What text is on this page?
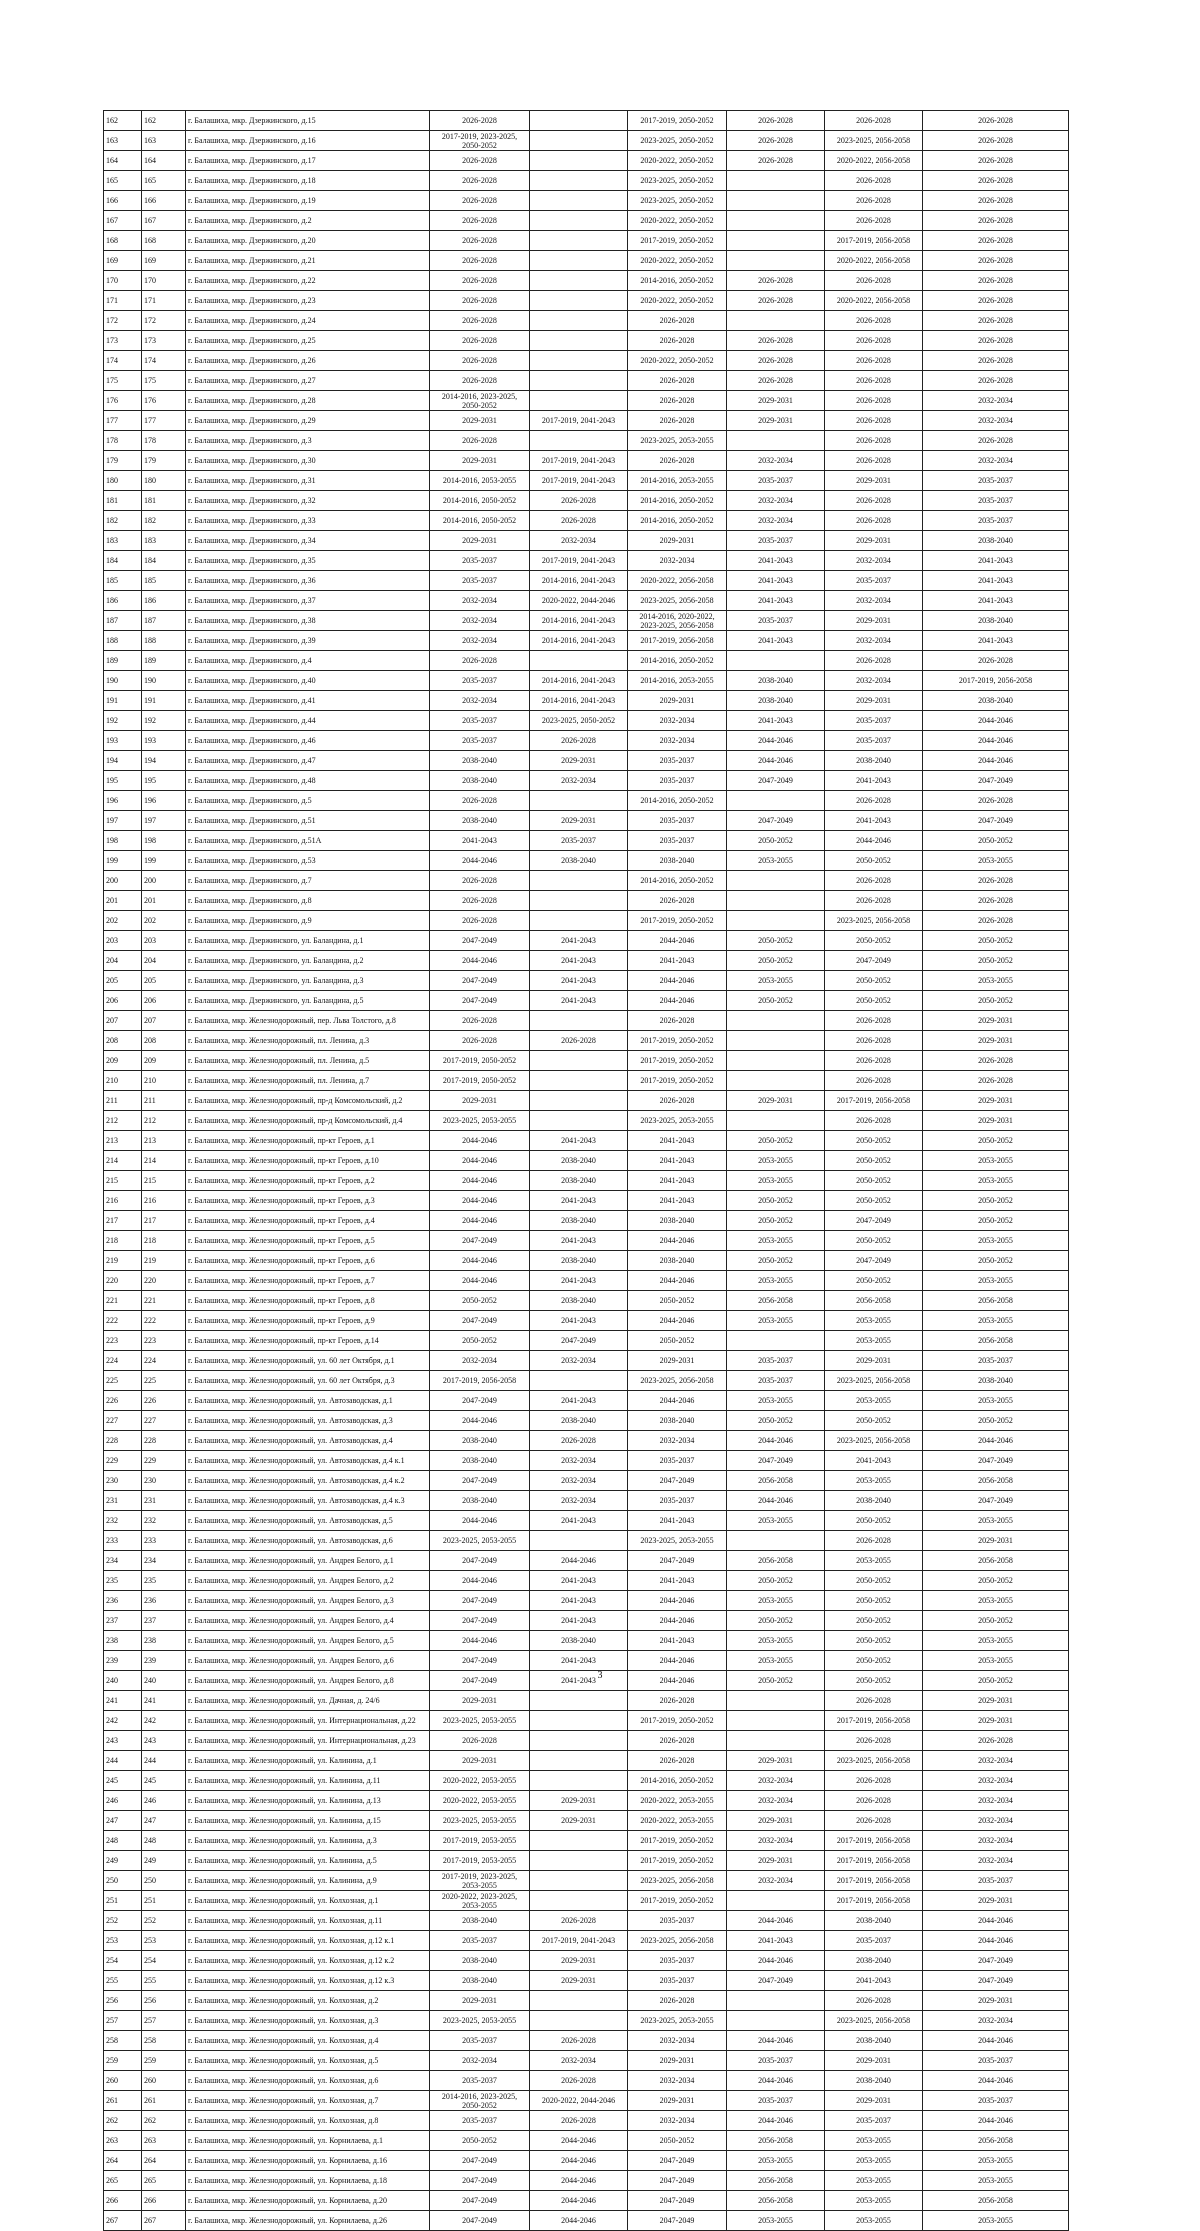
162	162	г. Балашиха, мкр. Дзержинского, д.15	2026-2028		2017-2019, 2050-2052	2026-2028	2026-2028	2026-2028
163	163	г. Балашиха, мкр. Дзержинского, д.16	2017-2019, 2023-2025, 2050-2052		2023-2025, 2050-2052	2026-2028	2023-2025, 2056-2058	2026-2028
164	164	г. Балашиха, мкр. Дзержинского, д.17	2026-2028		2020-2022, 2050-2052	2026-2028	2020-2022, 2056-2058	2026-2028
165	165	г. Балашиха, мкр. Дзержинского, д.18	2026-2028		2023-2025, 2050-2052		2026-2028	2026-2028
166	166	г. Балашиха, мкр. Дзержинского, д.19	2026-2028		2023-2025, 2050-2052		2026-2028	2026-2028
167	167	г. Балашиха, мкр. Дзержинского, д.2	2026-2028		2020-2022, 2050-2052		2026-2028	2026-2028
168	168	г. Балашиха, мкр. Дзержинского, д.20	2026-2028		2017-2019, 2050-2052		2017-2019, 2056-2058	2026-2028
169	169	г. Балашиха, мкр. Дзержинского, д.21	2026-2028		2020-2022, 2050-2052		2020-2022, 2056-2058	2026-2028
170	170	г. Балашиха, мкр. Дзержинского, д.22	2026-2028		2014-2016, 2050-2052	2026-2028	2026-2028	2026-2028
171	171	г. Балашиха, мкр. Дзержинского, д.23	2026-2028		2020-2022, 2050-2052	2026-2028	2020-2022, 2056-2058	2026-2028
172	172	г. Балашиха, мкр. Дзержинского, д.24	2026-2028		2026-2028		2026-2028	2026-2028
173	173	г. Балашиха, мкр. Дзержинского, д.25	2026-2028		2026-2028	2026-2028	2026-2028	2026-2028
174	174	г. Балашиха, мкр. Дзержинского, д.26	2026-2028		2020-2022, 2050-2052	2026-2028	2026-2028	2026-2028
175	175	г. Балашиха, мкр. Дзержинского, д.27	2026-2028		2026-2028	2026-2028	2026-2028	2026-2028
176	176	г. Балашиха, мкр. Дзержинского, д.28	2014-2016, 2023-2025, 2050-2052		2026-2028	2029-2031	2026-2028	2032-2034
177	177	г. Балашиха, мкр. Дзержинского, д.29	2029-2031	2017-2019, 2041-2043	2026-2028	2029-2031	2026-2028	2032-2034
178	178	г. Балашиха, мкр. Дзержинского, д.3	2026-2028		2023-2025, 2053-2055		2026-2028	2026-2028
179	179	г. Балашиха, мкр. Дзержинского, д.30	2029-2031	2017-2019, 2041-2043	2026-2028	2032-2034	2026-2028	2032-2034
180	180	г. Балашиха, мкр. Дзержинского, д.31	2014-2016, 2053-2055	2017-2019, 2041-2043	2014-2016, 2053-2055	2035-2037	2029-2031	2035-2037
181	181	г. Балашиха, мкр. Дзержинского, д.32	2014-2016, 2050-2052	2026-2028	2014-2016, 2050-2052	2032-2034	2026-2028	2035-2037
182	182	г. Балашиха, мкр. Дзержинского, д.33	2014-2016, 2050-2052	2026-2028	2014-2016, 2050-2052	2032-2034	2026-2028	2035-2037
183	183	г. Балашиха, мкр. Дзержинского, д.34	2029-2031	2032-2034	2029-2031	2035-2037	2029-2031	2038-2040
184	184	г. Балашиха, мкр. Дзержинского, д.35	2035-2037	2017-2019, 2041-2043	2032-2034	2041-2043	2032-2034	2041-2043
185	185	г. Балашиха, мкр. Дзержинского, д.36	2035-2037	2014-2016, 2041-2043	2020-2022, 2056-2058	2041-2043	2035-2037	2041-2043
186	186	г. Балашиха, мкр. Дзержинского, д.37	2032-2034	2020-2022, 2044-2046	2023-2025, 2056-2058	2041-2043	2032-2034	2041-2043
187	187	г. Балашиха, мкр. Дзержинского, д.38	2032-2034	2014-2016, 2041-2043	2014-2016, 2020-2022, 2023-2025, 2056-2058	2035-2037	2029-2031	2038-2040
188	188	г. Балашиха, мкр. Дзержинского, д.39	2032-2034	2014-2016, 2041-2043	2017-2019, 2056-2058	2041-2043	2032-2034	2041-2043
189	189	г. Балашиха, мкр. Дзержинского, д.4	2026-2028		2014-2016, 2050-2052		2026-2028	2026-2028
190	190	г. Балашиха, мкр. Дзержинского, д.40	2035-2037	2014-2016, 2041-2043	2014-2016, 2053-2055	2038-2040	2032-2034	2017-2019, 2056-2058
191	191	г. Балашиха, мкр. Дзержинского, д.41	2032-2034	2014-2016, 2041-2043	2029-2031	2038-2040	2029-2031	2038-2040
192	192	г. Балашиха, мкр. Дзержинского, д.44	2035-2037	2023-2025, 2050-2052	2032-2034	2041-2043	2035-2037	2044-2046
193	193	г. Балашиха, мкр. Дзержинского, д.46	2035-2037	2026-2028	2032-2034	2044-2046	2035-2037	2044-2046
194	194	г. Балашиха, мкр. Дзержинского, д.47	2038-2040	2029-2031	2035-2037	2044-2046	2038-2040	2044-2046
195	195	г. Балашиха, мкр. Дзержинского, д.48	2038-2040	2032-2034	2035-2037	2047-2049	2041-2043	2047-2049
196	196	г. Балашиха, мкр. Дзержинского, д.5	2026-2028		2014-2016, 2050-2052		2026-2028	2026-2028
197	197	г. Балашиха, мкр. Дзержинского, д.51	2038-2040	2029-2031	2035-2037	2047-2049	2041-2043	2047-2049
198	198	г. Балашиха, мкр. Дзержинского, д.51А	2041-2043	2035-2037	2035-2037	2050-2052	2044-2046	2050-2052
199	199	г. Балашиха, мкр. Дзержинского, д.53	2044-2046	2038-2040	2038-2040	2053-2055	2050-2052	2053-2055
200	200	г. Балашиха, мкр. Дзержинского, д.7	2026-2028		2014-2016, 2050-2052		2026-2028	2026-2028
201	201	г. Балашиха, мкр. Дзержинского, д.8	2026-2028		2026-2028		2026-2028	2026-2028
202	202	г. Балашиха, мкр. Дзержинского, д.9	2026-2028		2017-2019, 2050-2052		2023-2025, 2056-2058	2026-2028
203	203	г. Балашиха, мкр. Дзержинского, ул. Баландина, д.1	2047-2049	2041-2043	2044-2046	2050-2052	2050-2052	2050-2052
204	204	г. Балашиха, мкр. Дзержинского, ул. Баландина, д.2	2044-2046	2041-2043	2041-2043	2050-2052	2047-2049	2050-2052
205	205	г. Балашиха, мкр. Дзержинского, ул. Баландина, д.3	2047-2049	2041-2043	2044-2046	2053-2055	2050-2052	2053-2055
206	206	г. Балашиха, мкр. Дзержинского, ул. Баландина, д.5	2047-2049	2041-2043	2044-2046	2050-2052	2050-2052	2050-2052
207	207	г. Балашиха, мкр. Железнодорожный, пер. Льва Толстого, д.8	2026-2028		2026-2028		2026-2028	2029-2031
208	208	г. Балашиха, мкр. Железнодорожный, пл. Ленина, д.3	2026-2028	2026-2028	2017-2019, 2050-2052		2026-2028	2029-2031
209	209	г. Балашиха, мкр. Железнодорожный, пл. Ленина, д.5	2017-2019, 2050-2052		2017-2019, 2050-2052		2026-2028	2026-2028
210	210	г. Балашиха, мкр. Железнодорожный, пл. Ленина, д.7	2017-2019, 2050-2052		2017-2019, 2050-2052		2026-2028	2026-2028
211	211	г. Балашиха, мкр. Железнодорожный, пр-д Комсомольский, д.2	2029-2031		2026-2028	2029-2031	2017-2019, 2056-2058	2029-2031
212	212	г. Балашиха, мкр. Железнодорожный, пр-д Комсомольский, д.4	2023-2025, 2053-2055		2023-2025, 2053-2055		2026-2028	2029-2031
213	213	г. Балашиха, мкр. Железнодорожный, пр-кт Героев, д.1	2044-2046	2041-2043	2041-2043	2050-2052	2050-2052	2050-2052
214	214	г. Балашиха, мкр. Железнодорожный, пр-кт Героев, д.10	2044-2046	2038-2040	2041-2043	2053-2055	2050-2052	2053-2055
215	215	г. Балашиха, мкр. Железнодорожный, пр-кт Героев, д.2	2044-2046	2038-2040	2041-2043	2053-2055	2050-2052	2053-2055
216	216	г. Балашиха, мкр. Железнодорожный, пр-кт Героев, д.3	2044-2046	2041-2043	2041-2043	2050-2052	2050-2052	2050-2052
217	217	г. Балашиха, мкр. Железнодорожный, пр-кт Героев, д.4	2044-2046	2038-2040	2038-2040	2050-2052	2047-2049	2050-2052
218	218	г. Балашиха, мкр. Железнодорожный, пр-кт Героев, д.5	2047-2049	2041-2043	2044-2046	2053-2055	2050-2052	2053-2055
219	219	г. Балашиха, мкр. Железнодорожный, пр-кт Героев, д.6	2044-2046	2038-2040	2038-2040	2050-2052	2047-2049	2050-2052
220	220	г. Балашиха, мкр. Железнодорожный, пр-кт Героев, д.7	2044-2046	2041-2043	2044-2046	2053-2055	2050-2052	2053-2055
221	221	г. Балашиха, мкр. Железнодорожный, пр-кт Героев, д.8	2050-2052	2038-2040	2050-2052	2056-2058	2056-2058	2056-2058
222	222	г. Балашиха, мкр. Железнодорожный, пр-кт Героев, д.9	2047-2049	2041-2043	2044-2046	2053-2055	2053-2055	2053-2055
223	223	г. Балашиха, мкр. Железнодорожный, пр-кт Героев, д.14	2050-2052	2047-2049	2050-2052		2053-2055	2056-2058
224	224	г. Балашиха, мкр. Железнодорожный, ул. 60 лет Октября, д.1	2032-2034	2032-2034	2029-2031	2035-2037	2029-2031	2035-2037
225	225	г. Балашиха, мкр. Железнодорожный, ул. 60 лет Октября, д.3	2017-2019, 2056-2058		2023-2025, 2056-2058	2035-2037	2023-2025, 2056-2058	2038-2040
226	226	г. Балашиха, мкр. Железнодорожный, ул. Автозаводская, д.1	2047-2049	2041-2043	2044-2046	2053-2055	2053-2055	2053-2055
227	227	г. Балашиха, мкр. Железнодорожный, ул. Автозаводская, д.3	2044-2046	2038-2040	2038-2040	2050-2052	2050-2052	2050-2052
228	228	г. Балашиха, мкр. Железнодорожный, ул. Автозаводская, д.4	2038-2040	2026-2028	2032-2034	2044-2046	2023-2025, 2056-2058	2044-2046
229	229	г. Балашиха, мкр. Железнодорожный, ул. Автозаводская, д.4 к.1	2038-2040	2032-2034	2035-2037	2047-2049	2041-2043	2047-2049
230	230	г. Балашиха, мкр. Железнодорожный, ул. Автозаводская, д.4 к.2	2047-2049	2032-2034	2047-2049	2056-2058	2053-2055	2056-2058
231	231	г. Балашиха, мкр. Железнодорожный, ул. Автозаводская, д.4 к.3	2038-2040	2032-2034	2035-2037	2044-2046	2038-2040	2047-2049
232	232	г. Балашиха, мкр. Железнодорожный, ул. Автозаводская, д.5	2044-2046	2041-2043	2041-2043	2053-2055	2050-2052	2053-2055
233	233	г. Балашиха, мкр. Железнодорожный, ул. Автозаводская, д.6	2023-2025, 2053-2055		2023-2025, 2053-2055		2026-2028	2029-2031
234	234	г. Балашиха, мкр. Железнодорожный, ул. Андрея Белого, д.1	2047-2049	2044-2046	2047-2049	2056-2058	2053-2055	2056-2058
235	235	г. Балашиха, мкр. Железнодорожный, ул. Андрея Белого, д.2	2044-2046	2041-2043	2041-2043	2050-2052	2050-2052	2050-2052
236	236	г. Балашиха, мкр. Железнодорожный, ул. Андрея Белого, д.3	2047-2049	2041-2043	2044-2046	2053-2055	2050-2052	2053-2055
237	237	г. Балашиха, мкр. Железнодорожный, ул. Андрея Белого, д.4	2047-2049	2041-2043	2044-2046	2050-2052	2050-2052	2050-2052
238	238	г. Балашиха, мкр. Железнодорожный, ул. Андрея Белого, д.5	2044-2046	2038-2040	2041-2043	2053-2055	2050-2052	2053-2055
239	239	г. Балашиха, мкр. Железнодорожный, ул. Андрея Белого, д.6	2047-2049	2041-2043	2044-2046	2053-2055	2050-2052	2053-2055
240	240	г. Балашиха, мкр. Железнодорожный, ул. Андрея Белого, д.8	2047-2049	2041-2043	2044-2046	2050-2052	2050-2052	2050-2052
241	241	г. Балашиха, мкр. Железнодорожный, ул. Дачная, д. 24/6	2029-2031		2026-2028		2026-2028	2029-2031
242	242	г. Балашиха, мкр. Железнодорожный, ул. Интернациональная, д.22	2023-2025, 2053-2055		2017-2019, 2050-2052		2017-2019, 2056-2058	2029-2031
243	243	г. Балашиха, мкр. Железнодорожный, ул. Интернациональная, д.23	2026-2028		2026-2028		2026-2028	2026-2028
244	244	г. Балашиха, мкр. Железнодорожный, ул. Калинина, д.1	2029-2031		2026-2028	2029-2031	2023-2025, 2056-2058	2032-2034
245	245	г. Балашиха, мкр. Железнодорожный, ул. Калинина, д.11	2020-2022, 2053-2055		2014-2016, 2050-2052	2032-2034	2026-2028	2032-2034
246	246	г. Балашиха, мкр. Железнодорожный, ул. Калинина, д.13	2020-2022, 2053-2055	2029-2031	2020-2022, 2053-2055	2032-2034	2026-2028	2032-2034
247	247	г. Балашиха, мкр. Железнодорожный, ул. Калинина, д.15	2023-2025, 2053-2055	2029-2031	2020-2022, 2053-2055	2029-2031	2026-2028	2032-2034
248	248	г. Балашиха, мкр. Железнодорожный, ул. Калинина, д.3	2017-2019, 2053-2055		2017-2019, 2050-2052	2032-2034	2017-2019, 2056-2058	2032-2034
249	249	г. Балашиха, мкр. Железнодорожный, ул. Калинина, д.5	2017-2019, 2053-2055		2017-2019, 2050-2052	2029-2031	2017-2019, 2056-2058	2032-2034
250	250	г. Балашиха, мкр. Железнодорожный, ул. Калинина, д.9	2017-2019, 2023-2025, 2053-2055		2023-2025, 2056-2058	2032-2034	2017-2019, 2056-2058	2035-2037
251	251	г. Балашиха, мкр. Железнодорожный, ул. Колхозная, д.1	2020-2022, 2023-2025, 2053-2055		2017-2019, 2050-2052		2017-2019, 2056-2058	2029-2031
252	252	г. Балашиха, мкр. Железнодорожный, ул. Колхозная, д.11	2038-2040	2026-2028	2035-2037	2044-2046	2038-2040	2044-2046
253	253	г. Балашиха, мкр. Железнодорожный, ул. Колхозная, д.12 к.1	2035-2037	2017-2019, 2041-2043	2023-2025, 2056-2058	2041-2043	2035-2037	2044-2046
254	254	г. Балашиха, мкр. Железнодорожный, ул. Колхозная, д.12 к.2	2038-2040	2029-2031	2035-2037	2044-2046	2038-2040	2047-2049
255	255	г. Балашиха, мкр. Железнодорожный, ул. Колхозная, д.12 к.3	2038-2040	2029-2031	2035-2037	2047-2049	2041-2043	2047-2049
256	256	г. Балашиха, мкр. Железнодорожный, ул. Колхозная, д.2	2029-2031		2026-2028		2026-2028	2029-2031
257	257	г. Балашиха, мкр. Железнодорожный, ул. Колхозная, д.3	2023-2025, 2053-2055		2023-2025, 2053-2055		2023-2025, 2056-2058	2032-2034
258	258	г. Балашиха, мкр. Железнодорожный, ул. Колхозная, д.4	2035-2037	2026-2028	2032-2034	2044-2046	2038-2040	2044-2046
259	259	г. Балашиха, мкр. Железнодорожный, ул. Колхозная, д.5	2032-2034	2032-2034	2029-2031	2035-2037	2029-2031	2035-2037
260	260	г. Балашиха, мкр. Железнодорожный, ул. Колхозная, д.6	2035-2037	2026-2028	2032-2034	2044-2046	2038-2040	2044-2046
261	261	г. Балашиха, мкр. Железнодорожный, ул. Колхозная, д.7	2014-2016, 2023-2025, 2050-2052	2020-2022, 2044-2046	2029-2031	2035-2037	2029-2031	2035-2037
262	262	г. Балашиха, мкр. Железнодорожный, ул. Колхозная, д.8	2035-2037	2026-2028	2032-2034	2044-2046	2035-2037	2044-2046
263	263	г. Балашиха, мкр. Железнодорожный, ул. Корнилаева, д.1	2050-2052	2044-2046	2050-2052	2056-2058	2053-2055	2056-2058
264	264	г. Балашиха, мкр. Железнодорожный, ул. Корнилаева, д.16	2047-2049	2044-2046	2047-2049	2053-2055	2053-2055	2053-2055
265	265	г. Балашиха, мкр. Железнодорожный, ул. Корнилаева, д.18	2047-2049	2044-2046	2047-2049	2056-2058	2053-2055	2053-2055
266	266	г. Балашиха, мкр. Железнодорожный, ул. Корнилаева, д.20	2047-2049	2044-2046	2047-2049	2056-2058	2053-2055	2056-2058
267	267	г. Балашиха, мкр. Железнодорожный, ул. Корнилаева, д.26	2047-2049	2044-2046	2047-2049	2053-2055	2053-2055	2053-2055
3
